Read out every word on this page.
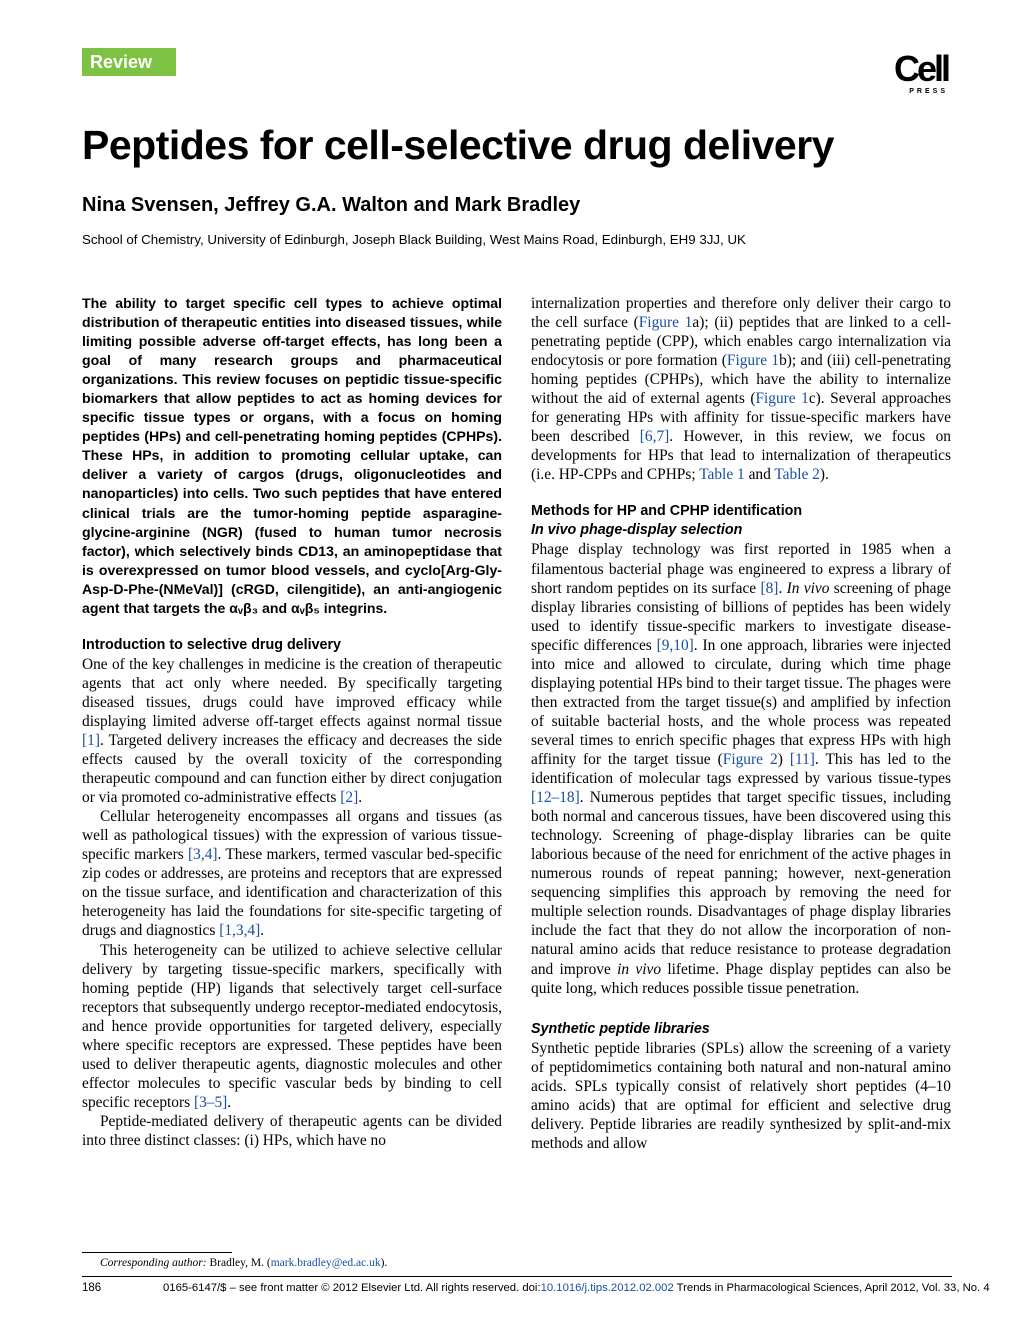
Review	Cell
PRESS
Peptides for cell-selective drug delivery

Nina Svensen, Jeffrey G.A. Walton and Mark Bradley

School of Chemistry, University of Edinburgh, Joseph Black Building, West Mains Road, Edinburgh, EH9 3JJ, UK

The ability to target specific cell types to achieve optimal distribution of therapeutic entities into diseased tissues, while limiting possible adverse off-target effects, has long been a goal of many research groups and pharmaceutical organizations. This review focuses on peptidic tissue-specific biomarkers that allow peptides to act as homing devices for specific tissue types or organs, with a focus on homing peptides (HPs) and cell-penetrating homing peptides (CPHPs). These HPs, in addition to promoting cellular uptake, can deliver a variety of cargos (drugs, oligonucleotides and nanoparticles) into cells. Two such peptides that have entered clinical trials are the tumor-homing peptide asparagine-glycine-arginine (NGR) (fused to human tumor necrosis factor), which selectively binds CD13, an aminopeptidase that is overexpressed on tumor blood vessels, and cyclo[Arg-Gly-Asp-D-Phe-(NMeVal)] (cRGD, cilengitide), an anti-angiogenic agent that targets the αᵥβ₃ and αᵥβ₅ integrins.

Introduction to selective drug delivery

One of the key challenges in medicine is the creation of therapeutic agents that act only where needed. By specifically targeting diseased tissues, drugs could have improved efficacy while displaying limited adverse off-target effects against normal tissue [1]. Targeted delivery increases the efficacy and decreases the side effects caused by the overall toxicity of the corresponding therapeutic compound and can function either by direct conjugation or via promoted co-administrative effects [2].

Cellular heterogeneity encompasses all organs and tissues (as well as pathological tissues) with the expression of various tissue-specific markers [3,4]. These markers, termed vascular bed-specific zip codes or addresses, are proteins and receptors that are expressed on the tissue surface, and identification and characterization of this heterogeneity has laid the foundations for site-specific targeting of drugs and diagnostics [1,3,4].

This heterogeneity can be utilized to achieve selective cellular delivery by targeting tissue-specific markers, specifically with homing peptide (HP) ligands that selectively target cell-surface receptors that subsequently undergo receptor-mediated endocytosis, and hence provide opportunities for targeted delivery, especially where specific receptors are expressed. These peptides have been used to deliver therapeutic agents, diagnostic molecules and other effector molecules to specific vascular beds by binding to cell specific receptors [3–5].

Peptide-mediated delivery of therapeutic agents can be divided into three distinct classes: (i) HPs, which have no

internalization properties and therefore only deliver their cargo to the cell surface (Figure 1a); (ii) peptides that are linked to a cell-penetrating peptide (CPP), which enables cargo internalization via endocytosis or pore formation (Figure 1b); and (iii) cell-penetrating homing peptides (CPHPs), which have the ability to internalize without the aid of external agents (Figure 1c). Several approaches for generating HPs with affinity for tissue-specific markers have been described [6,7]. However, in this review, we focus on developments for HPs that lead to internalization of therapeutics (i.e. HP-CPPs and CPHPs; Table 1 and Table 2).

Methods for HP and CPHP identification
In vivo phage-display selection

Phage display technology was first reported in 1985 when a filamentous bacterial phage was engineered to express a library of short random peptides on its surface [8]. In vivo screening of phage display libraries consisting of billions of peptides has been widely used to identify tissue-specific markers to investigate disease-specific differences [9,10]. In one approach, libraries were injected into mice and allowed to circulate, during which time phage displaying potential HPs bind to their target tissue. The phages were then extracted from the target tissue(s) and amplified by infection of suitable bacterial hosts, and the whole process was repeated several times to enrich specific phages that express HPs with high affinity for the target tissue (Figure 2) [11]. This has led to the identification of molecular tags expressed by various tissue-types [12–18]. Numerous peptides that target specific tissues, including both normal and cancerous tissues, have been discovered using this technology. Screening of phage-display libraries can be quite laborious because of the need for enrichment of the active phages in numerous rounds of repeat panning; however, next-generation sequencing simplifies this approach by removing the need for multiple selection rounds. Disadvantages of phage display libraries include the fact that they do not allow the incorporation of non-natural amino acids that reduce resistance to protease degradation and improve in vivo lifetime. Phage display peptides can also be quite long, which reduces possible tissue penetration.

Synthetic peptide libraries

Synthetic peptide libraries (SPLs) allow the screening of a variety of peptidomimetics containing both natural and non-natural amino acids. SPLs typically consist of relatively short peptides (4–10 amino acids) that are optimal for efficient and selective drug delivery. Peptide libraries are readily synthesized by split-and-mix methods and allow

Corresponding author: Bradley, M. (mark.bradley@ed.ac.uk).

186	0165-6147/$ – see front matter © 2012 Elsevier Ltd. All rights reserved. doi:10.1016/j.tips.2012.02.002 Trends in Pharmacological Sciences, April 2012, Vol. 33, No. 4
